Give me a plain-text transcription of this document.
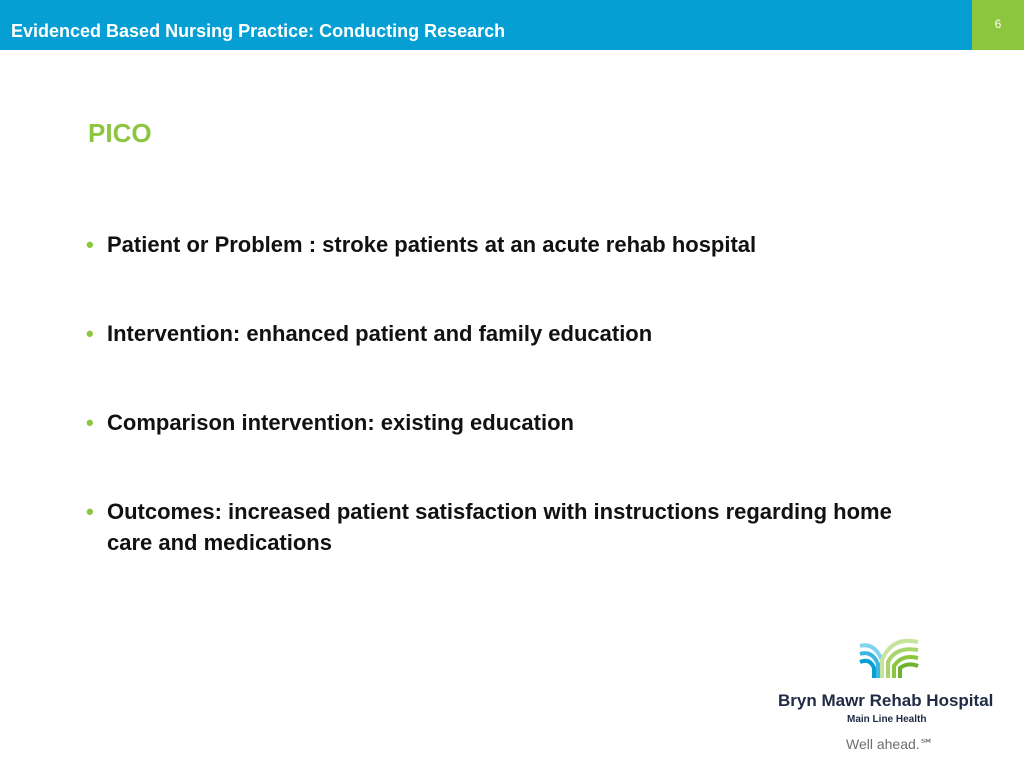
Evidenced Based Nursing Practice: Conducting Research	6
PICO
• Patient or Problem : stroke patients at an acute rehab hospital
• Intervention: enhanced patient and family education
• Comparison intervention: existing education
• Outcomes: increased patient satisfaction with instructions regarding home care and medications
Bryn Mawr Rehab Hospital
Main Line Health
Well ahead.℠
